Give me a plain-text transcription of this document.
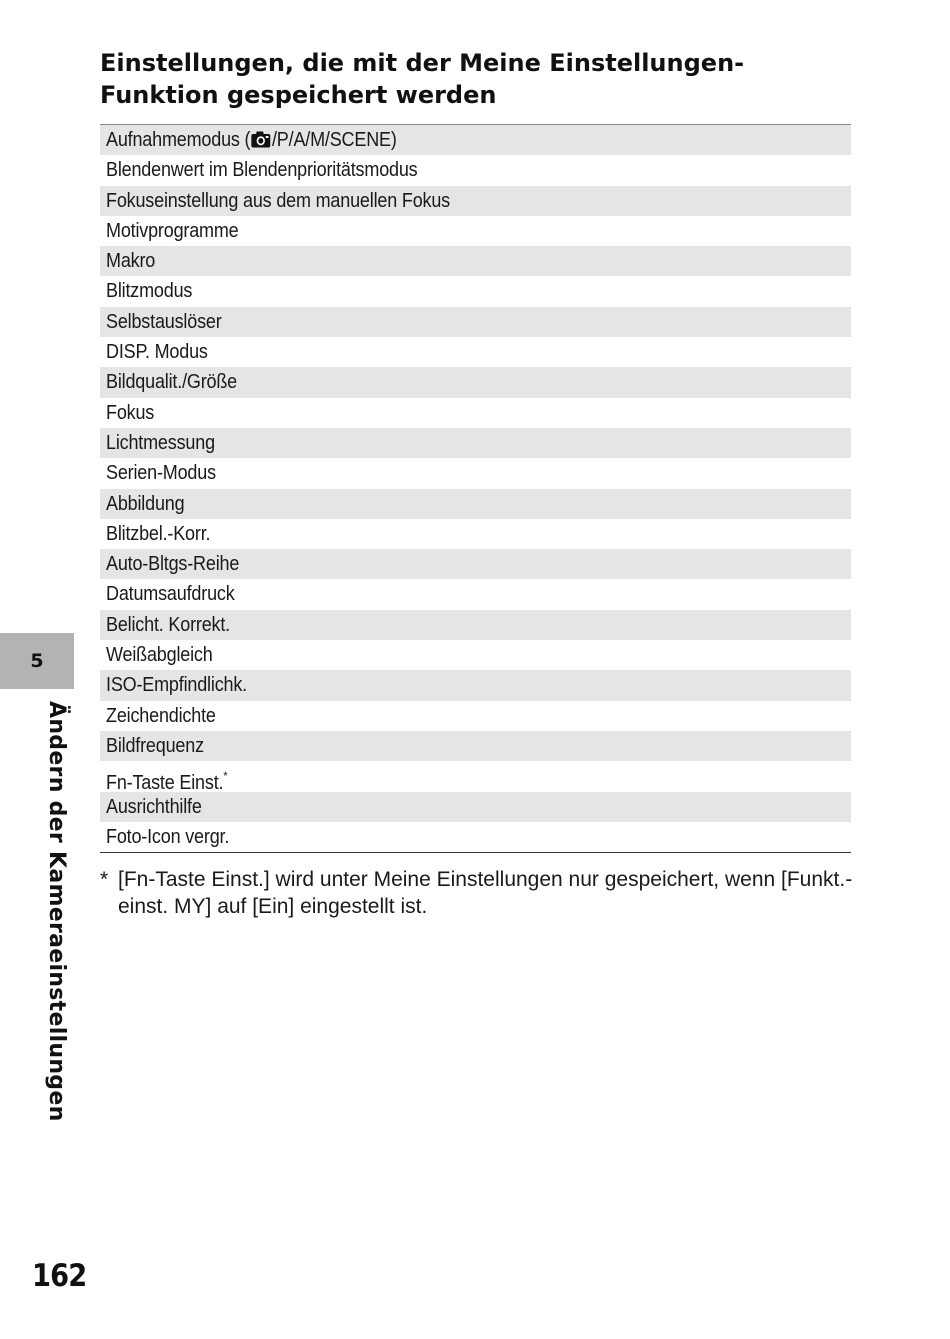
Einstellungen, die mit der Meine Einstellungen-
Funktion gespeichert werden
Aufnahmemodus ( /P/A/M/SCENE)
Blendenwert im Blendenprioritätsmodus
Fokuseinstellung aus dem manuellen Fokus
Motivprogramme
Makro
Blitzmodus
Selbstauslöser
DISP. Modus
Bildqualit./Größe
Fokus
Lichtmessung
Serien-Modus
Abbildung
Blitzbel.-Korr.
Auto-Bltgs-Reihe
Datumsaufdruck
Belicht. Korrekt.
Weißabgleich
ISO-Empfindlichk.
Zeichendichte
Bildfrequenz
Fn-Taste Einst.*
Ausrichthilfe
Foto-Icon vergr.

* [Fn-Taste Einst.] wird unter Meine Einstellungen nur gespeichert, wenn [Funkt.-einst. MY] auf [Ein] eingestellt ist.

5
Ändern der Kameraeinstellungen
162
